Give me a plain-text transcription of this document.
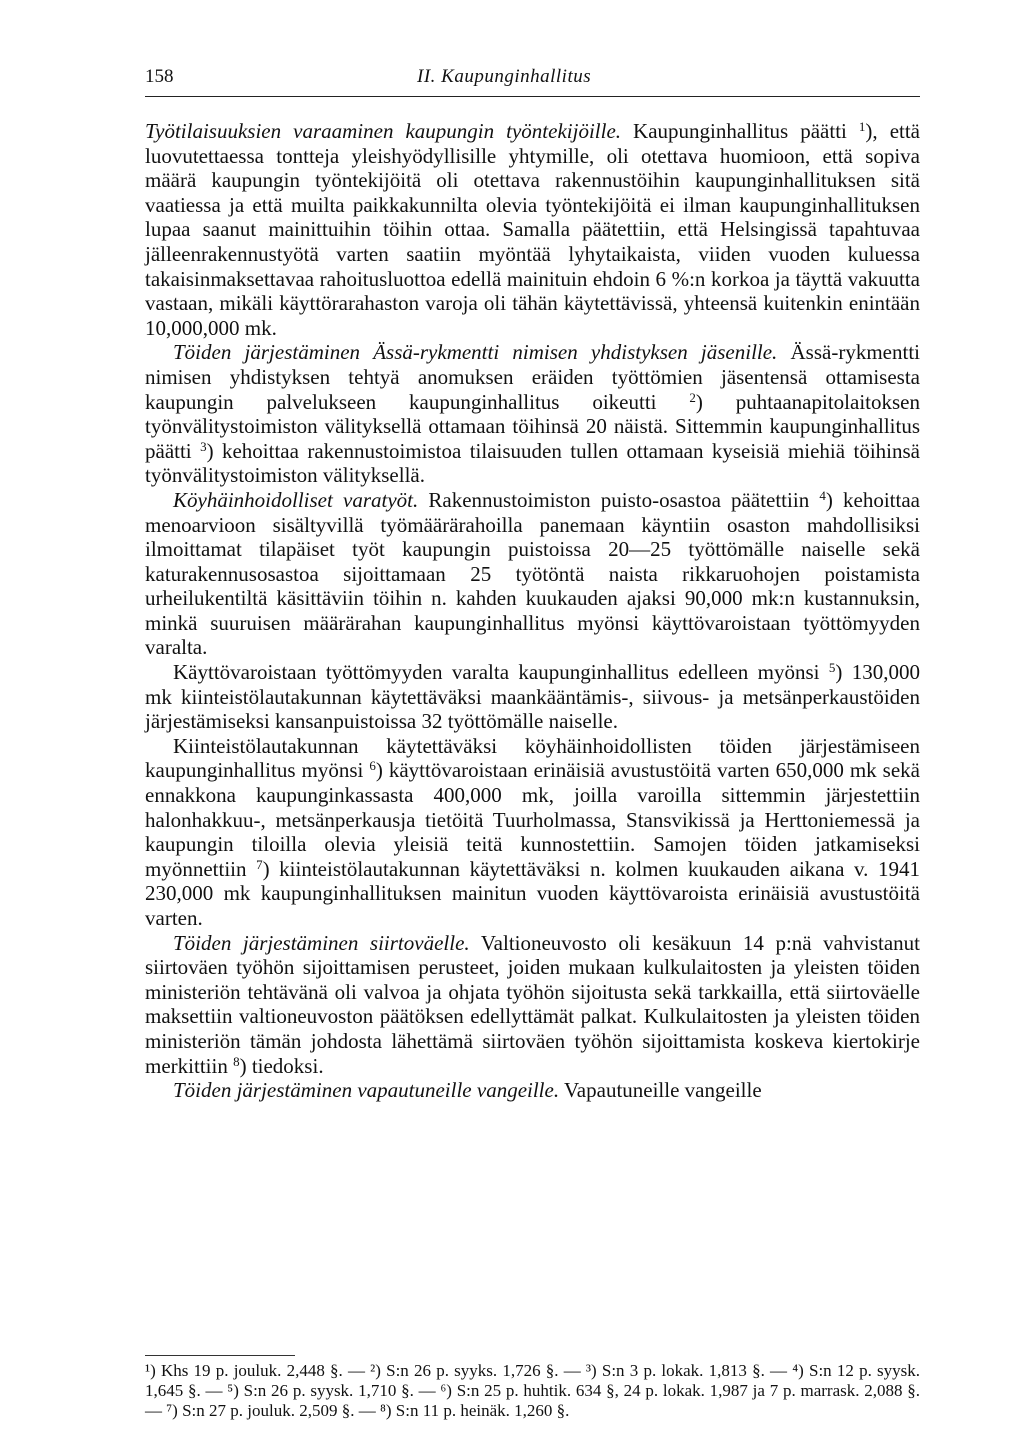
158	II. Kaupunginhallitus

Työtilaisuuksien varaaminen kaupungin työntekijöille. Kaupunginhallitus päätti $^1$), että luovutettaessa tontteja yleishyödyllisille yhtymille, oli otettava huomioon, että sopiva määrä kaupungin työntekijöitä oli otettava rakennustöihin kaupunginhallituksen sitä vaatiessa ja että muilta paikkakunnilta olevia työntekijöitä ei ilman kaupunginhallituksen lupaa saanut mainittuihin töihin ottaa. Samalla päätettiin, että Helsingissä tapahtuvaa jälleenrakennustyötä varten saatiin myöntää lyhytaikaista, viiden vuoden kuluessa takaisinmaksettavaa rahoitusluottoa edellä mainituin ehdoin 6 %:n korkoa ja täyttä vakuutta vastaan, mikäli käyttörarahaston varoja oli tähän käytettävissä, yhteensä kuitenkin enintään 10,000,000 mk.

Töiden järjestäminen Ässä-rykmentti nimisen yhdistyksen jäsenille. Ässä-rykmentti nimisen yhdistyksen tehtyä anomuksen eräiden työttömien jäsentensä ottamisesta kaupungin palvelukseen kaupunginhallitus oikeutti $^2$) puhtaanapitolaitoksen työnvälitystoimiston välityksellä ottamaan töihinsä 20 näistä. Sittemmin kaupunginhallitus päätti $^3$) kehoittaa rakennustoimistoa tilaisuuden tullen ottamaan kyseisiä miehiä töihinsä työnvälitystoimiston välityksellä.

Köyhäinhoidolliset varatyöt. Rakennustoimiston puisto-osastoa päätettiin $^4$) kehoittaa menoarvioon sisältyvillä työmäärärahoilla panemaan käyntiin osaston mahdollisiksi ilmoittamat tilapäiset työt kaupungin puistoissa 20—25 työttömälle naiselle sekä katurakennusosastoa sijoittamaan 25 työtöntä naista rikkaruohojen poistamista urheilukentiltä käsittäviin töihin n. kahden kuukauden ajaksi 90,000 mk:n kustannuksin, minkä suuruisen määrärahan kaupunginhallitus myönsi käyttövaroistaan työttömyyden varalta.

Käyttövaroistaan työttömyyden varalta kaupunginhallitus edelleen myönsi $^5$) 130,000 mk kiinteistölautakunnan käytettäväksi maankääntämis-, siivous- ja metsänperkaustöiden järjestämiseksi kansanpuistoissa 32 työttömälle naiselle.

Kiinteistölautakunnan käytettäväksi köyhäinhoidollisten töiden järjestämiseen kaupunginhallitus myönsi $^6$) käyttövaroistaan erinäisiä avustustöitä varten 650,000 mk sekä ennakkona kaupunginkassasta 400,000 mk, joilla varoilla sittemmin järjestettiin halonhakkuu-, metsänperkausja tietöitä Tuurholmassa, Stansvikissä ja Herttoniemessä ja kaupungin tiloilla olevia yleisiä teitä kunnostettiin. Samojen töiden jatkamiseksi myönnettiin $^7$) kiinteistölautakunnan käytettäväksi n. kolmen kuukauden aikana v. 1941 230,000 mk kaupunginhallituksen mainitun vuoden käyttövaroista erinäisiä avustustöitä varten.

Töiden järjestäminen siirtoväelle. Valtioneuvosto oli kesäkuun 14 p:nä vahvistanut siirtoväen työhön sijoittamisen perusteet, joiden mukaan kulkulaitosten ja yleisten töiden ministeriön tehtävänä oli valvoa ja ohjata työhön sijoitusta sekä tarkkailla, että siirtoväelle maksettiin valtioneuvoston päätöksen edellyttämät palkat. Kulkulaitosten ja yleisten töiden ministeriön tämän johdosta lähettämä siirtoväen työhön sijoittamista koskeva kiertokirje merkittiin $^8$) tiedoksi.

Töiden järjestäminen vapautuneille vangeille. Vapautuneille vangeille

¹) Khs 19 p. jouluk. 2,448 §. — ²) S:n 26 p. syyks. 1,726 §. — ³) S:n 3 p. lokak. 1,813 §. — ⁴) S:n 12 p. syysk. 1,645 §. — ⁵) S:n 26 p. syysk. 1,710 §. — ⁶) S:n 25 p. huhtik. 634 §, 24 p. lokak. 1,987 ja 7 p. marrask. 2,088 §. — ⁷) S:n 27 p. jouluk. 2,509 §. — ⁸) S:n 11 p. heinäk. 1,260 §.
